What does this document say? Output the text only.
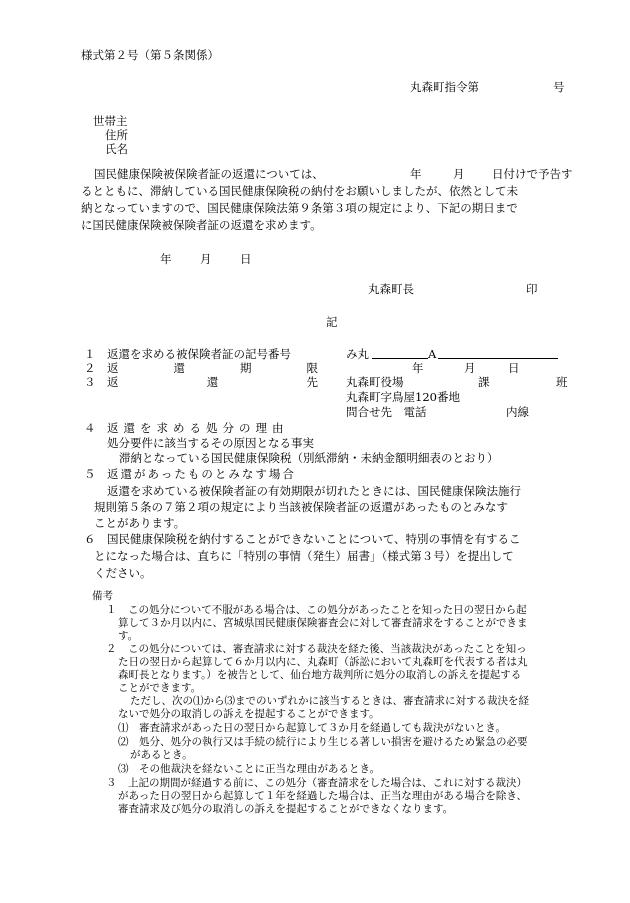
様式第２号（第５条関係）
丸森町指令第	号
世帯主
住所
氏名
国民健康保険被保険者証の返還については、	年	月 日付けで予告す
るとともに、滞納している国民健康保険税の納付をお願いしましたが、依然として未
納となっていますので、国民健康保険法第９条第３項の規定により、下記の期日まで
に国民健康保険被保険者証の返還を求めます。
年 月 日
丸森町長	印
記
１ 返還を求める被保険者証の記号番号	み丸	A
２ 返還期限	年	月	日
３ 返還先 丸森町役場	課	班
丸森町字鳥屋120番地
問合せ先　電話	内線
４ 返還を求める処分の理由
処分要件に該当するその原因となる事実
滞納となっている国民健康保険税（別紙滞納・未納金額明細表のとおり）
５ 返還があったものとみなす場合
返還を求めている被保険者証の有効期限が切れたときには、国民健康保険法施行
規則第５条の７第２項の規定により当該被保険者証の返還があったものとみなす
ことがあります。
６ 国民健康保険税を納付することができないことについて、特別の事情を有するこ
とになった場合は、直ちに「特別の事情（発生）届書」（様式第３号）を提出して
ください。
備考
１ この処分について不服がある場合は、この処分があったことを知った日の翌日から起
算して３か月以内に、宮城県国民健康保険審査会に対して審査請求をすることができま
す。
２ この処分については、審査請求に対する裁決を経た後、当該裁決があったことを知っ
た日の翌日から起算して６か月以内に、丸森町（訴訟において丸森町を代表する者は丸
森町長となります。）を被告として、仙台地方裁判所に処分の取消しの訴えを提起する
ことができます。
ただし、次の⑴から⑶までのいずれかに該当するときは、審査請求に対する裁決を経
ないで処分の取消しの訴えを提起することができます。
⑴　審査請求があった日の翌日から起算して３か月を経過しても裁決がないとき。
⑵　処分、処分の執行又は手続の続行により生じる著しい損害を避けるため緊急の必要
があるとき。
⑶　その他裁決を経ないことに正当な理由があるとき。
３ 上記の期間が経過する前に、この処分（審査請求をした場合は、これに対する裁決）
があった日の翌日から起算して１年を経過した場合は、正当な理由がある場合を除き、
審査請求及び処分の取消しの訴えを提起することができなくなります。
